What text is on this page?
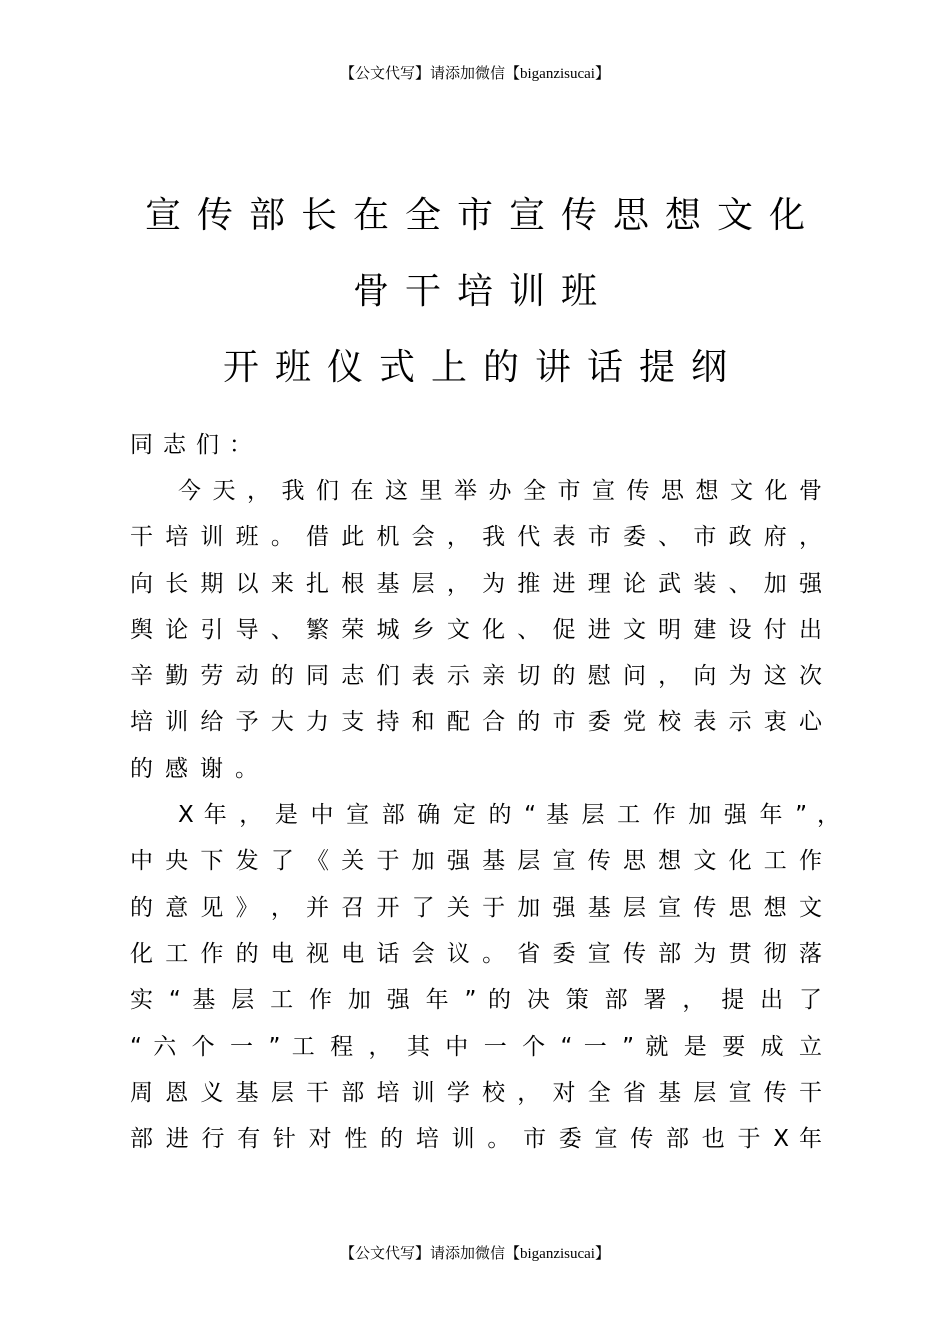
【公文代写】请添加微信【biganzisucai】
宣传部长在全市宣传思想文化
骨干培训班
开班仪式上的讲话提纲
同志们：
今 天 ， 我 们 在 这 里 举 办 全 市 宣 传 思 想 文 化 骨
干 培 训 班 。 借 此 机 会 ， 我 代 表 市 委 、 市 政 府 ，
向 长 期 以 来 扎 根 基 层 ， 为 推 进 理 论 武 装 、 加 强
舆 论 引 导 、 繁 荣 城 乡 文 化 、 促 进 文 明 建 设 付 出
辛 勤 劳 动 的 同 志 们 表 示 亲 切 的 慰 问 ， 向 为 这 次
培 训 给 予 大 力 支 持 和 配 合 的 市 委 党 校 表 示 衷 心
的感谢。
X 年 ， 是 中 宣 部 确 定 的 “ 基 层 工 作 加 强 年 ” ，
中 央 下 发 了 《 关 于 加 强 基 层 宣 传 思 想 文 化 工 作
的 意 见 》 ， 并 召 开 了 关 于 加 强 基 层 宣 传 思 想 文
化 工 作 的 电 视 电 话 会 议 。 省 委 宣 传 部 为 贯 彻 落
实 “ 基 层 工 作 加 强 年 ” 的 决 策 部 署 ， 提 出 了
“ 六 个 一 ” 工 程 ， 其 中 一 个 “ 一 ” 就 是 要 成 立
周 恩 义 基 层 干 部 培 训 学 校 ， 对 全 省 基 层 宣 传 干
部 进 行 有 针 对 性 的 培 训 。 市 委 宣 传 部 也 于 X 年
【公文代写】请添加微信【biganzisucai】
